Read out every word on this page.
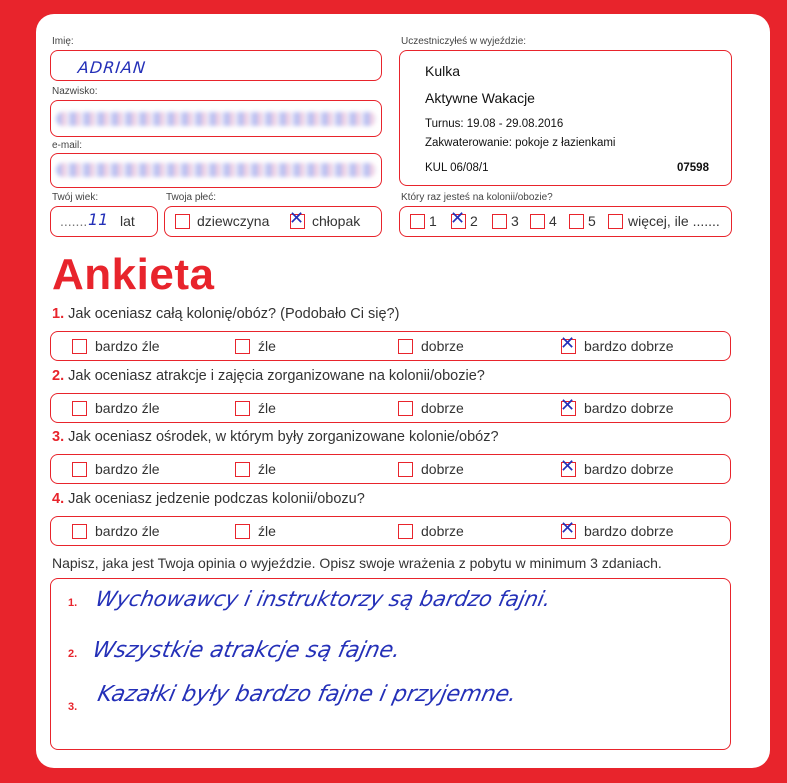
Imię:
ADRIAN
Nazwisko:
e-mail:
Twój wiek:
....... 11 lat
Twoja płeć:
dziewczyna ✕ chłopak
Uczestniczyłeś w wyjeździe:
Kulka
Aktywne Wakacje
Turnus: 19.08 - 29.08.2016
Zakwaterowanie: pokoje z łazienkami
KUL 06/08/1	07598
Który raz jesteś na kolonii/obozie?
1 ✕ 2 3 4 5 więcej, ile .......
Ankieta
1. Jak oceniasz całą kolonię/obóz? (Podobało Ci się?)
bardzo źle	źle	dobrze	✕ bardzo dobrze
2. Jak oceniasz atrakcje i zajęcia zorganizowane na kolonii/obozie?
bardzo źle	źle	dobrze	✕ bardzo dobrze
3. Jak oceniasz ośrodek, w którym były zorganizowane kolonie/obóz?
bardzo źle	źle	dobrze	✕ bardzo dobrze
4. Jak oceniasz jedzenie podczas kolonii/obozu?
bardzo źle	źle	dobrze	✕ bardzo dobrze
Napisz, jaka jest Twoja opinia o wyjeździe. Opisz swoje wrażenia z pobytu w minimum 3 zdaniach.
1.
2.
3.
Wychowawcy i instruktorzy są bardzo fajni.
Wszystkie atrakcje są fajne.
Kazałki były bardzo fajne i przyjemne.
